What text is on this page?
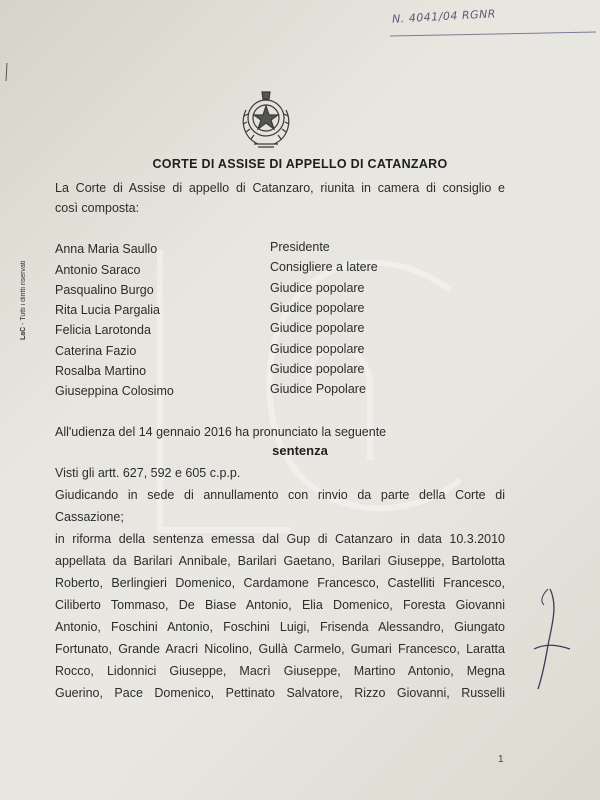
N. 4041/04 RGNR
LaC - Tutti i diritti riservati
CORTE DI ASSISE DI APPELLO DI CATANZARO
La Corte di Assise di appello di Catanzaro, riunita in camera di consiglio e
così composta:
Anna Maria Saullo	Presidente
Antonio Saraco	Consigliere a latere
Pasqualino Burgo	Giudice popolare
Rita Lucia Pargalia	Giudice popolare
Felicia Larotonda	Giudice popolare
Caterina Fazio	Giudice popolare
Rosalba Martino	Giudice popolare
Giuseppina Colosimo	Giudice Popolare
All'udienza del 14 gennaio 2016 ha pronunciato la seguente
sentenza
Visti gli artt. 627, 592 e 605 c.p.p.
Giudicando in sede di annullamento con rinvio da parte della Corte di
Cassazione;
in riforma della sentenza emessa dal Gup di Catanzaro in data 10.3.2010
appellata da Barilari Annibale, Barilari Gaetano, Barilari Giuseppe, Bartolotta
Roberto, Berlingieri Domenico, Cardamone Francesco, Castelliti Francesco,
Ciliberto Tommaso, De Biase Antonio, Elia Domenico, Foresta Giovanni
Antonio, Foschini Antonio, Foschini Luigi, Frisenda Alessandro, Giungato
Fortunato, Grande Aracri Nicolino, Gullà Carmelo, Gumari Francesco, Laratta
Rocco, Lidonnici Giuseppe, Macrì Giuseppe, Martino Antonio, Megna
Guerino, Pace Domenico, Pettinato Salvatore, Rizzo Giovanni, Russelli
1
